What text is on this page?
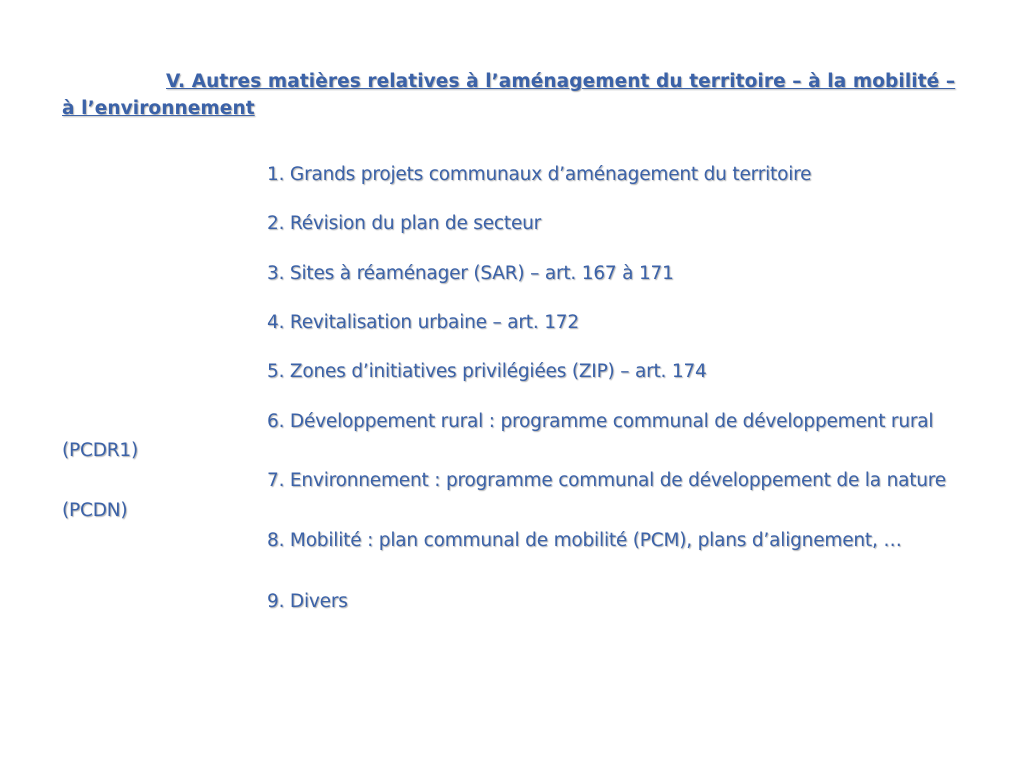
V. Autres matières relatives à l’aménagement du territoire – à la mobilité – à l’environnement

1. Grands projets communaux d’aménagement du territoire

2. Révision du plan de secteur

3. Sites à réaménager (SAR) – art. 167 à 171

4. Revitalisation urbaine – art. 172

5. Zones d’initiatives privilégiées (ZIP) – art. 174

6. Développement rural : programme communal de développement rural (PCDR1)

7. Environnement : programme communal de développement de la nature (PCDN)

8. Mobilité : plan communal de mobilité (PCM), plans d’alignement, …

9. Divers
